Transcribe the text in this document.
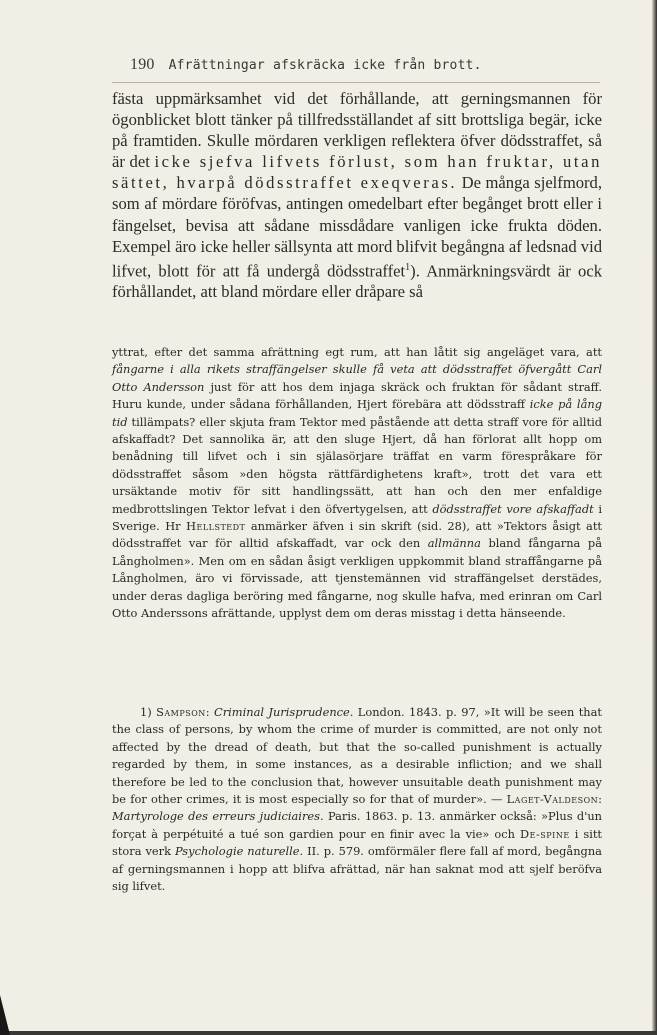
190 Afrättningar afskräcka icke från brott.

fästa uppmärksamhet vid det förhållande, att gerningsmannen för ögonblicket blott tänker på tillfredsställandet af sitt brottsliga begär, icke på framtiden. Skulle mördaren verkligen reflektera öfver dödsstraffet, så är det icke sjefva lifvets förlust, som han fruktar, utan sättet, hvarpå dödsstraffet exeqveras. De många sjelfmord, som af mördare föröfvas, antingen omedelbart efter begånget brott eller i fängelset, bevisa att sådane missdådare vanligen icke frukta döden. Exempel äro icke heller sällsynta att mord blifvit begångna af ledsnad vid lifvet, blott för att få undergå dödsstraffet$^1$). Anmärkningsvärdt är ock förhållandet, att bland mördare eller dråpare så

yttrat, efter det samma afrättning egt rum, att han låtit sig angeläget vara, att fångarne i alla rikets straffängelser skulle få veta att dödsstraffet öfvergått Carl Otto Andersson just för att hos dem injaga skräck och fruktan för sådant straff. Huru kunde, under sådana förhållanden, Hjert förebära att dödsstraff icke på lång tid tillämpats? eller skjuta fram Tektor med påstående att detta straff vore för alltid afskaffadt? Det sannolika är, att den sluge Hjert, då han förlorat allt hopp om benådning till lifvet och i sin själasörjare träffat en varm förespråkare för dödsstraffet såsom »den högsta rättfärdighetens kraft», trott det vara ett ursäktande motiv för sitt handlingssätt, att han och den mer enfaldige medbrottslingen Tektor lefvat i den öfvertygelsen, att dödsstraffet vore afskaffadt i Sverige. Hr Hellstedt anmärker äfven i sin skrift (sid. 28), att »Tektors åsigt att dödsstraffet var för alltid afskaffadt, var ock den allmänna bland fångarna på Långholmen». Men om en sådan åsigt verkligen uppkommit bland straffångarne på Långholmen, äro vi förvissade, att tjenstemännen vid straffängelset derstädes, under deras dagliga beröring med fångarne, nog skulle hafva, med erinran om Carl Otto Anderssons afrättande, upplyst dem om deras misstag i detta hänseende.

1) Sampson: Criminal Jurisprudence. London. 1843. p. 97, »It will be seen that the class of persons, by whom the crime of murder is committed, are not only not affected by the dread of death, but that the so-called punishment is actually regarded by them, in some instances, as a desirable infliction; and we shall therefore be led to the conclusion that, however unsuitable death punishment may be for other crimes, it is most especially so for that of murder». — Laget-Valdeson: Martyrologe des erreurs judiciaires. Paris. 1863. p. 13. anmärker också: »Plus d'un forçat à perpétuité a tué son gardien pour en finir avec la vie» och De-spine i sitt stora verk Psychologie naturelle. II. p. 579. omförmäler flere fall af mord, begångna af gerningsmannen i hopp att blifva afrättad, när han saknat mod att sjelf beröfva sig lifvet.
